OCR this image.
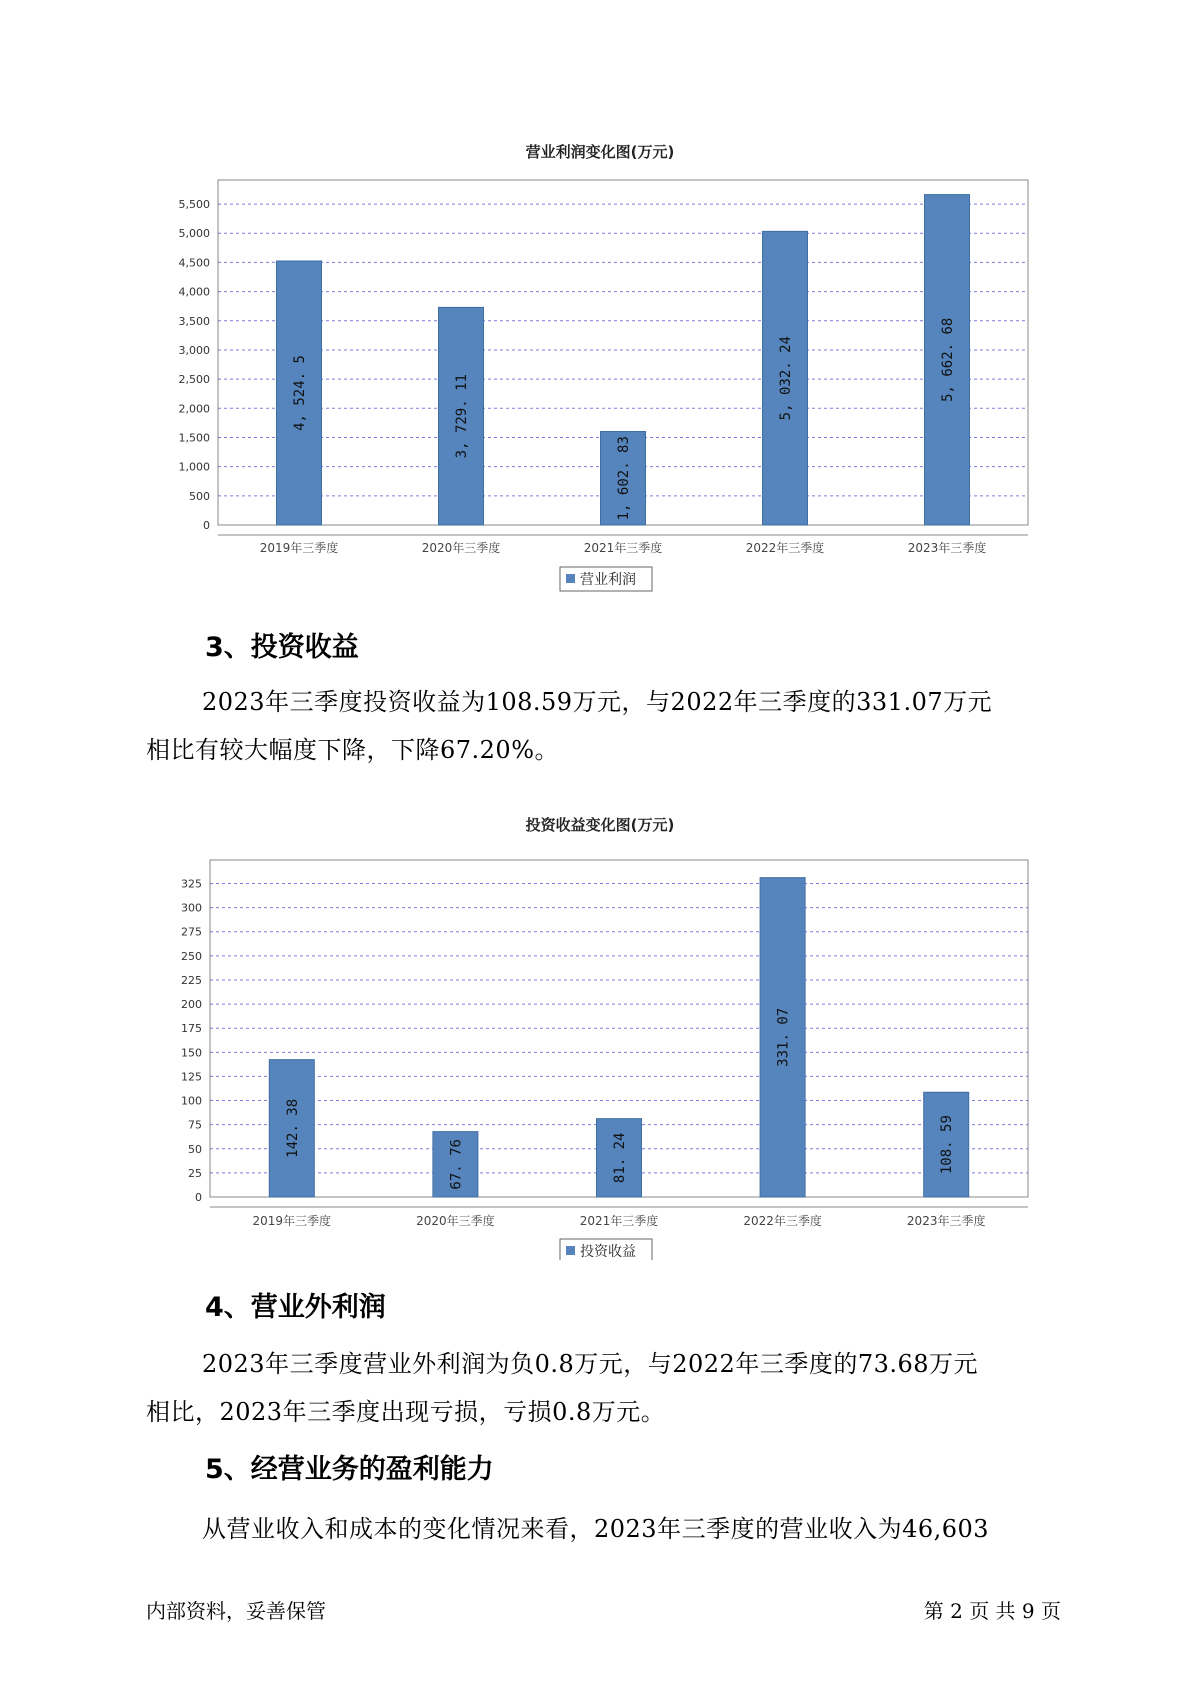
营业利润变化图(万元)
0
500
1,000
1,500
2,000
2,500
3,000
3,500
4,000
4,500
5,000
5,500
4, 524. 5
2019年三季度
3, 729. 11
2020年三季度
1, 602. 83
2021年三季度
5, 032. 24
2022年三季度
5, 662. 68
2023年三季度
营业利润
3、投资收益

2023年三季度投资收益为108.59万元，与2022年三季度的331.07万元
相比有较大幅度下降，下降67.20%。

投资收益变化图(万元)
0
25
50
75
100
125
150
175
200
225
250
275
300
325
142. 38
2019年三季度
67. 76
2020年三季度
81. 24
2021年三季度
331. 07
2022年三季度
108. 59
2023年三季度
投资收益
4、营业外利润

2023年三季度营业外利润为负0.8万元，与2022年三季度的73.68万元
相比，2023年三季度出现亏损，亏损0.8万元。

5、经营业务的盈利能力

从营业收入和成本的变化情况来看，2023年三季度的营业收入为46,603

内部资料，妥善保管	第 2 页 共 9 页
